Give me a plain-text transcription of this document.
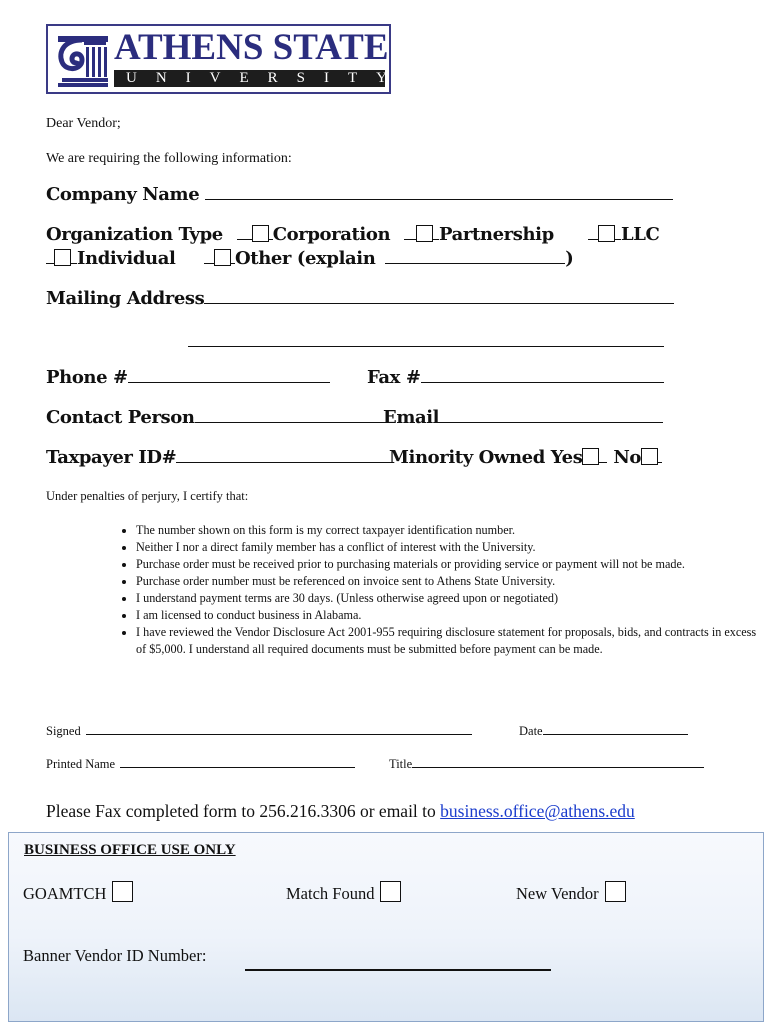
ATHENS STATE
UNIVERSITY
Dear Vendor;
We are requiring the following information:
Company Name
Organization Type	Corporation	Partnership	LLC
Individual	Other (explain	)
Mailing Address
Phone #	Fax #
Contact Person	Email
Taxpayer ID#	Minority Owned Yes No
Under penalties of perjury, I certify that:
• The number shown on this form is my correct taxpayer identification number.
• Neither I nor a direct family member has a conflict of interest with the University.
• Purchase order must be received prior to purchasing materials or providing service or payment will not be made.
• Purchase order number must be referenced on invoice sent to Athens State University.
• I understand payment terms are 30 days. (Unless otherwise agreed upon or negotiated)
• I am licensed to conduct business in Alabama.
• I have reviewed the Vendor Disclosure Act 2001-955 requiring disclosure statement for proposals, bids, and contracts in excess of $5,000. I understand all required documents must be submitted before payment can be made.
Signed	Date
Printed Name	Title
Please Fax completed form to 256.216.3306 or email to business.office@athens.edu
BUSINESS OFFICE USE ONLY
GOAMTCH	Match Found	New Vendor
Banner Vendor ID Number:
